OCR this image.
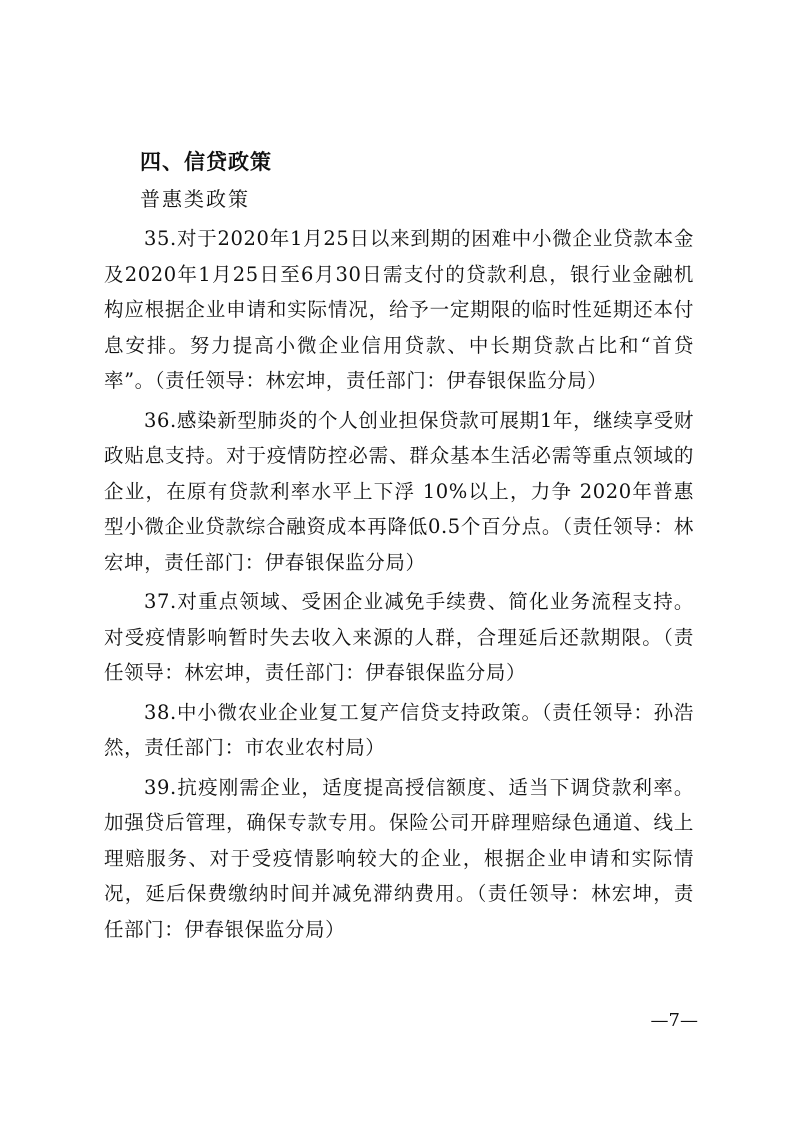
四、信贷政策
普惠类政策

35.对于2020年1月25日以来到期的困难中小微企业贷款本金及2020年1月25日至6月30日需支付的贷款利息，银行业金融机构应根据企业申请和实际情况，给予一定期限的临时性延期还本付息安排。努力提高小微企业信用贷款、中长期贷款占比和“首贷率”。（责任领导：林宏坤，责任部门：伊春银保监分局）

36.感染新型肺炎的个人创业担保贷款可展期1年，继续享受财政贴息支持。对于疫情防控必需、群众基本生活必需等重点领域的企业，在原有贷款利率水平上下浮 10%以上，力争 2020年普惠型小微企业贷款综合融资成本再降低0.5个百分点。（责任领导：林宏坤，责任部门：伊春银保监分局）

37.对重点领域、受困企业减免手续费、简化业务流程支持。对受疫情影响暂时失去收入来源的人群，合理延后还款期限。（责任领导：林宏坤，责任部门：伊春银保监分局）

38.中小微农业企业复工复产信贷支持政策。（责任领导：孙浩然，责任部门：市农业农村局）

39.抗疫刚需企业，适度提高授信额度、适当下调贷款利率。加强贷后管理，确保专款专用。保险公司开辟理赔绿色通道、线上理赔服务、对于受疫情影响较大的企业，根据企业申请和实际情况，延后保费缴纳时间并减免滞纳费用。（责任领导：林宏坤，责任部门：伊春银保监分局）

—7—
